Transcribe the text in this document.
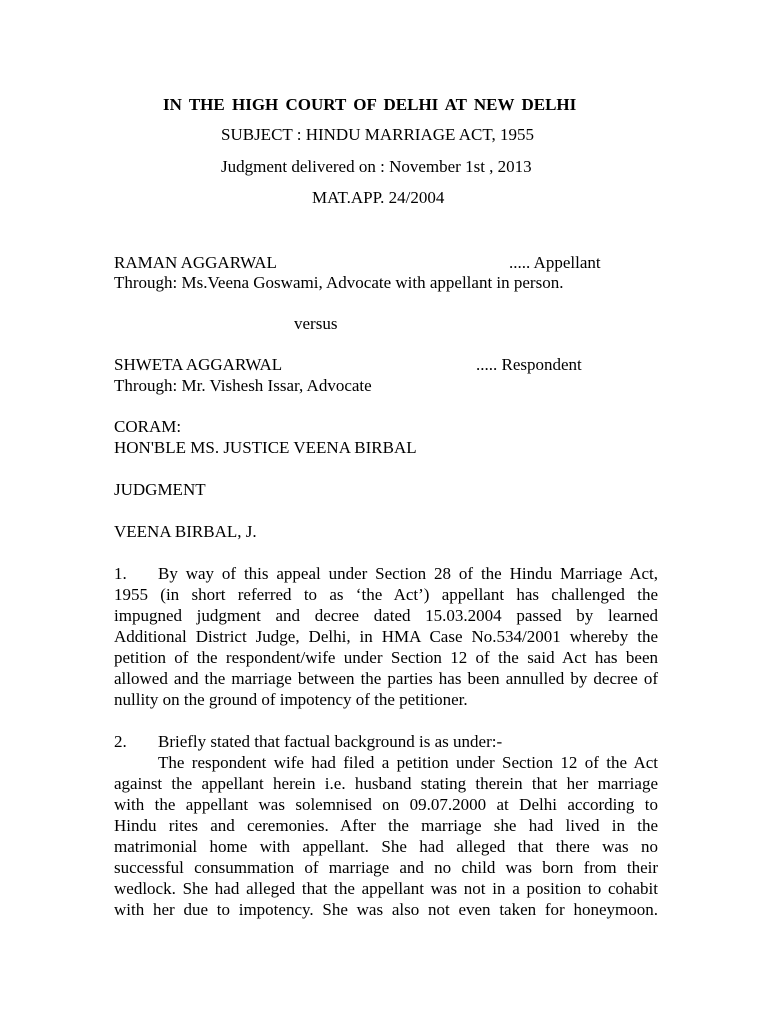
IN THE HIGH COURT OF DELHI AT NEW DELHI
SUBJECT : HINDU MARRIAGE ACT, 1955
Judgment delivered on : November 1st , 2013
MAT.APP. 24/2004
RAMAN AGGARWAL	..... Appellant
Through: Ms.Veena Goswami, Advocate with appellant in person.
versus
SHWETA AGGARWAL	..... Respondent
Through: Mr. Vishesh Issar, Advocate
CORAM:
HON'BLE MS. JUSTICE VEENA BIRBAL
JUDGMENT
VEENA BIRBAL, J.
1. By way of this appeal under Section 28 of the Hindu Marriage Act,
1955 (in short referred to as ‘the Act’) appellant has challenged the
impugned judgment and decree dated 15.03.2004 passed by learned
Additional District Judge, Delhi, in HMA Case No.534/2001 whereby the
petition of the respondent/wife under Section 12 of the said Act has been
allowed and the marriage between the parties has been annulled by decree of
nullity on the ground of impotency of the petitioner.
2. Briefly stated that factual background is as under:-
The respondent wife had filed a petition under Section 12 of the Act
against the appellant herein i.e. husband stating therein that her marriage
with the appellant was solemnised on 09.07.2000 at Delhi according to
Hindu rites and ceremonies. After the marriage she had lived in the
matrimonial home with appellant. She had alleged that there was no
successful consummation of marriage and no child was born from their
wedlock. She had alleged that the appellant was not in a position to cohabit
with her due to impotency. She was also not even taken for honeymoon.
